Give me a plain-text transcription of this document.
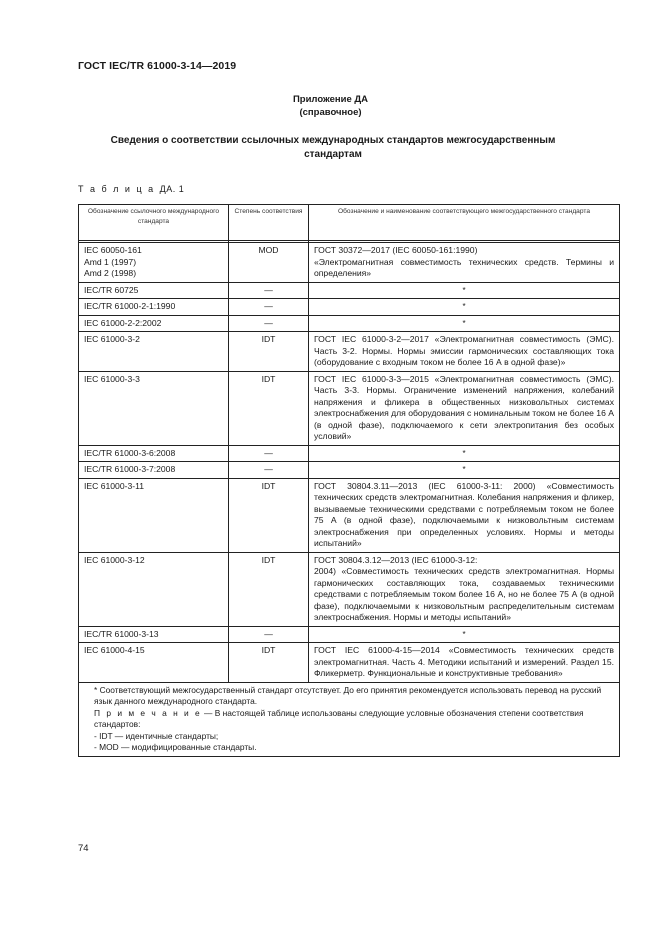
ГОСТ IEC/TR 61000-3-14—2019
Приложение ДА
(справочное)
Сведения о соответствии ссылочных международных стандартов межгосударственным стандартам
Т а б л и ц а ДА. 1
Обозначение ссылочного международного стандарта	Степень соответствия	Обозначение и наименование соответствующего межгосударственного стандарта

IEC 60050-161
Amd 1 (1997)
Amd 2 (1998)	MOD	ГОСТ 30372—2017 (IEC 60050-161:1990)
«Электромагнитная совместимость технических средств. Термины и определения»
IEC/TR 60725	—	*
IEC/TR 61000-2-1:1990	—	*
IEC 61000-2-2:2002	—	*
IEC 61000-3-2	IDT	ГОСТ IEC 61000-3-2—2017 «Электромагнитная совместимость (ЭМС). Часть 3-2. Нормы. Нормы эмиссии гармонических составляющих тока (оборудование с входным током не более 16 А в одной фазе)»
IEC 61000-3-3	IDT	ГОСТ IEC 61000-3-3—2015 «Электромагнитная совместимость (ЭМС). Часть 3-3. Нормы. Ограничение изменений напряжения, колебаний напряжения и фликера в общественных низковольтных системах электроснабжения для оборудования с номинальным током не более 16 А (в одной фазе), подключаемого к сети электропитания без особых условий»
IEC/TR 61000-3-6:2008	—	*
IEC/TR 61000-3-7:2008	—	*
IEC 61000-3-11	IDT	ГОСТ 30804.3.11—2013 (IEC 61000-3-11: 2000) «Совместимость технических средств электромагнитная. Колебания напряжения и фликер, вызываемые техническими средствами с потребляемым током не более 75 А (в одной фазе), подключаемыми к низковольтным системам электроснабжения при определенных условиях. Нормы и методы испытаний»
IEC 61000-3-12	IDT	ГОСТ 30804.3.12—2013 (IEC 61000-3-12:
2004) «Совместимость технических средств электромагнитная. Нормы гармонических составляющих тока, создаваемых техническими средствами с потребляемым током более 16 А, но не более 75 А (в одной фазе), подключаемыми к низковольтным распределительным системам электроснабжения. Нормы и методы испытаний»
IEC/TR 61000-3-13	—	*
IEC 61000-4-15	IDT	ГОСТ IEC 61000-4-15—2014 «Совместимость технических средств электромагнитная. Часть 4. Методики испытаний и измерений. Раздел 15. Фликерметр. Функциональные и конструктивные требования»

* Соответствующий межгосударственный стандарт отсутствует. До его принятия рекомендуется использовать перевод на русский язык данного международного стандарта.

П р и м е ч а н и е — В настоящей таблице использованы следующие условные обозначения степени соответствия стандартов:

- IDT — идентичные стандарты;

- MOD — модифицированные стандарты.		

74
